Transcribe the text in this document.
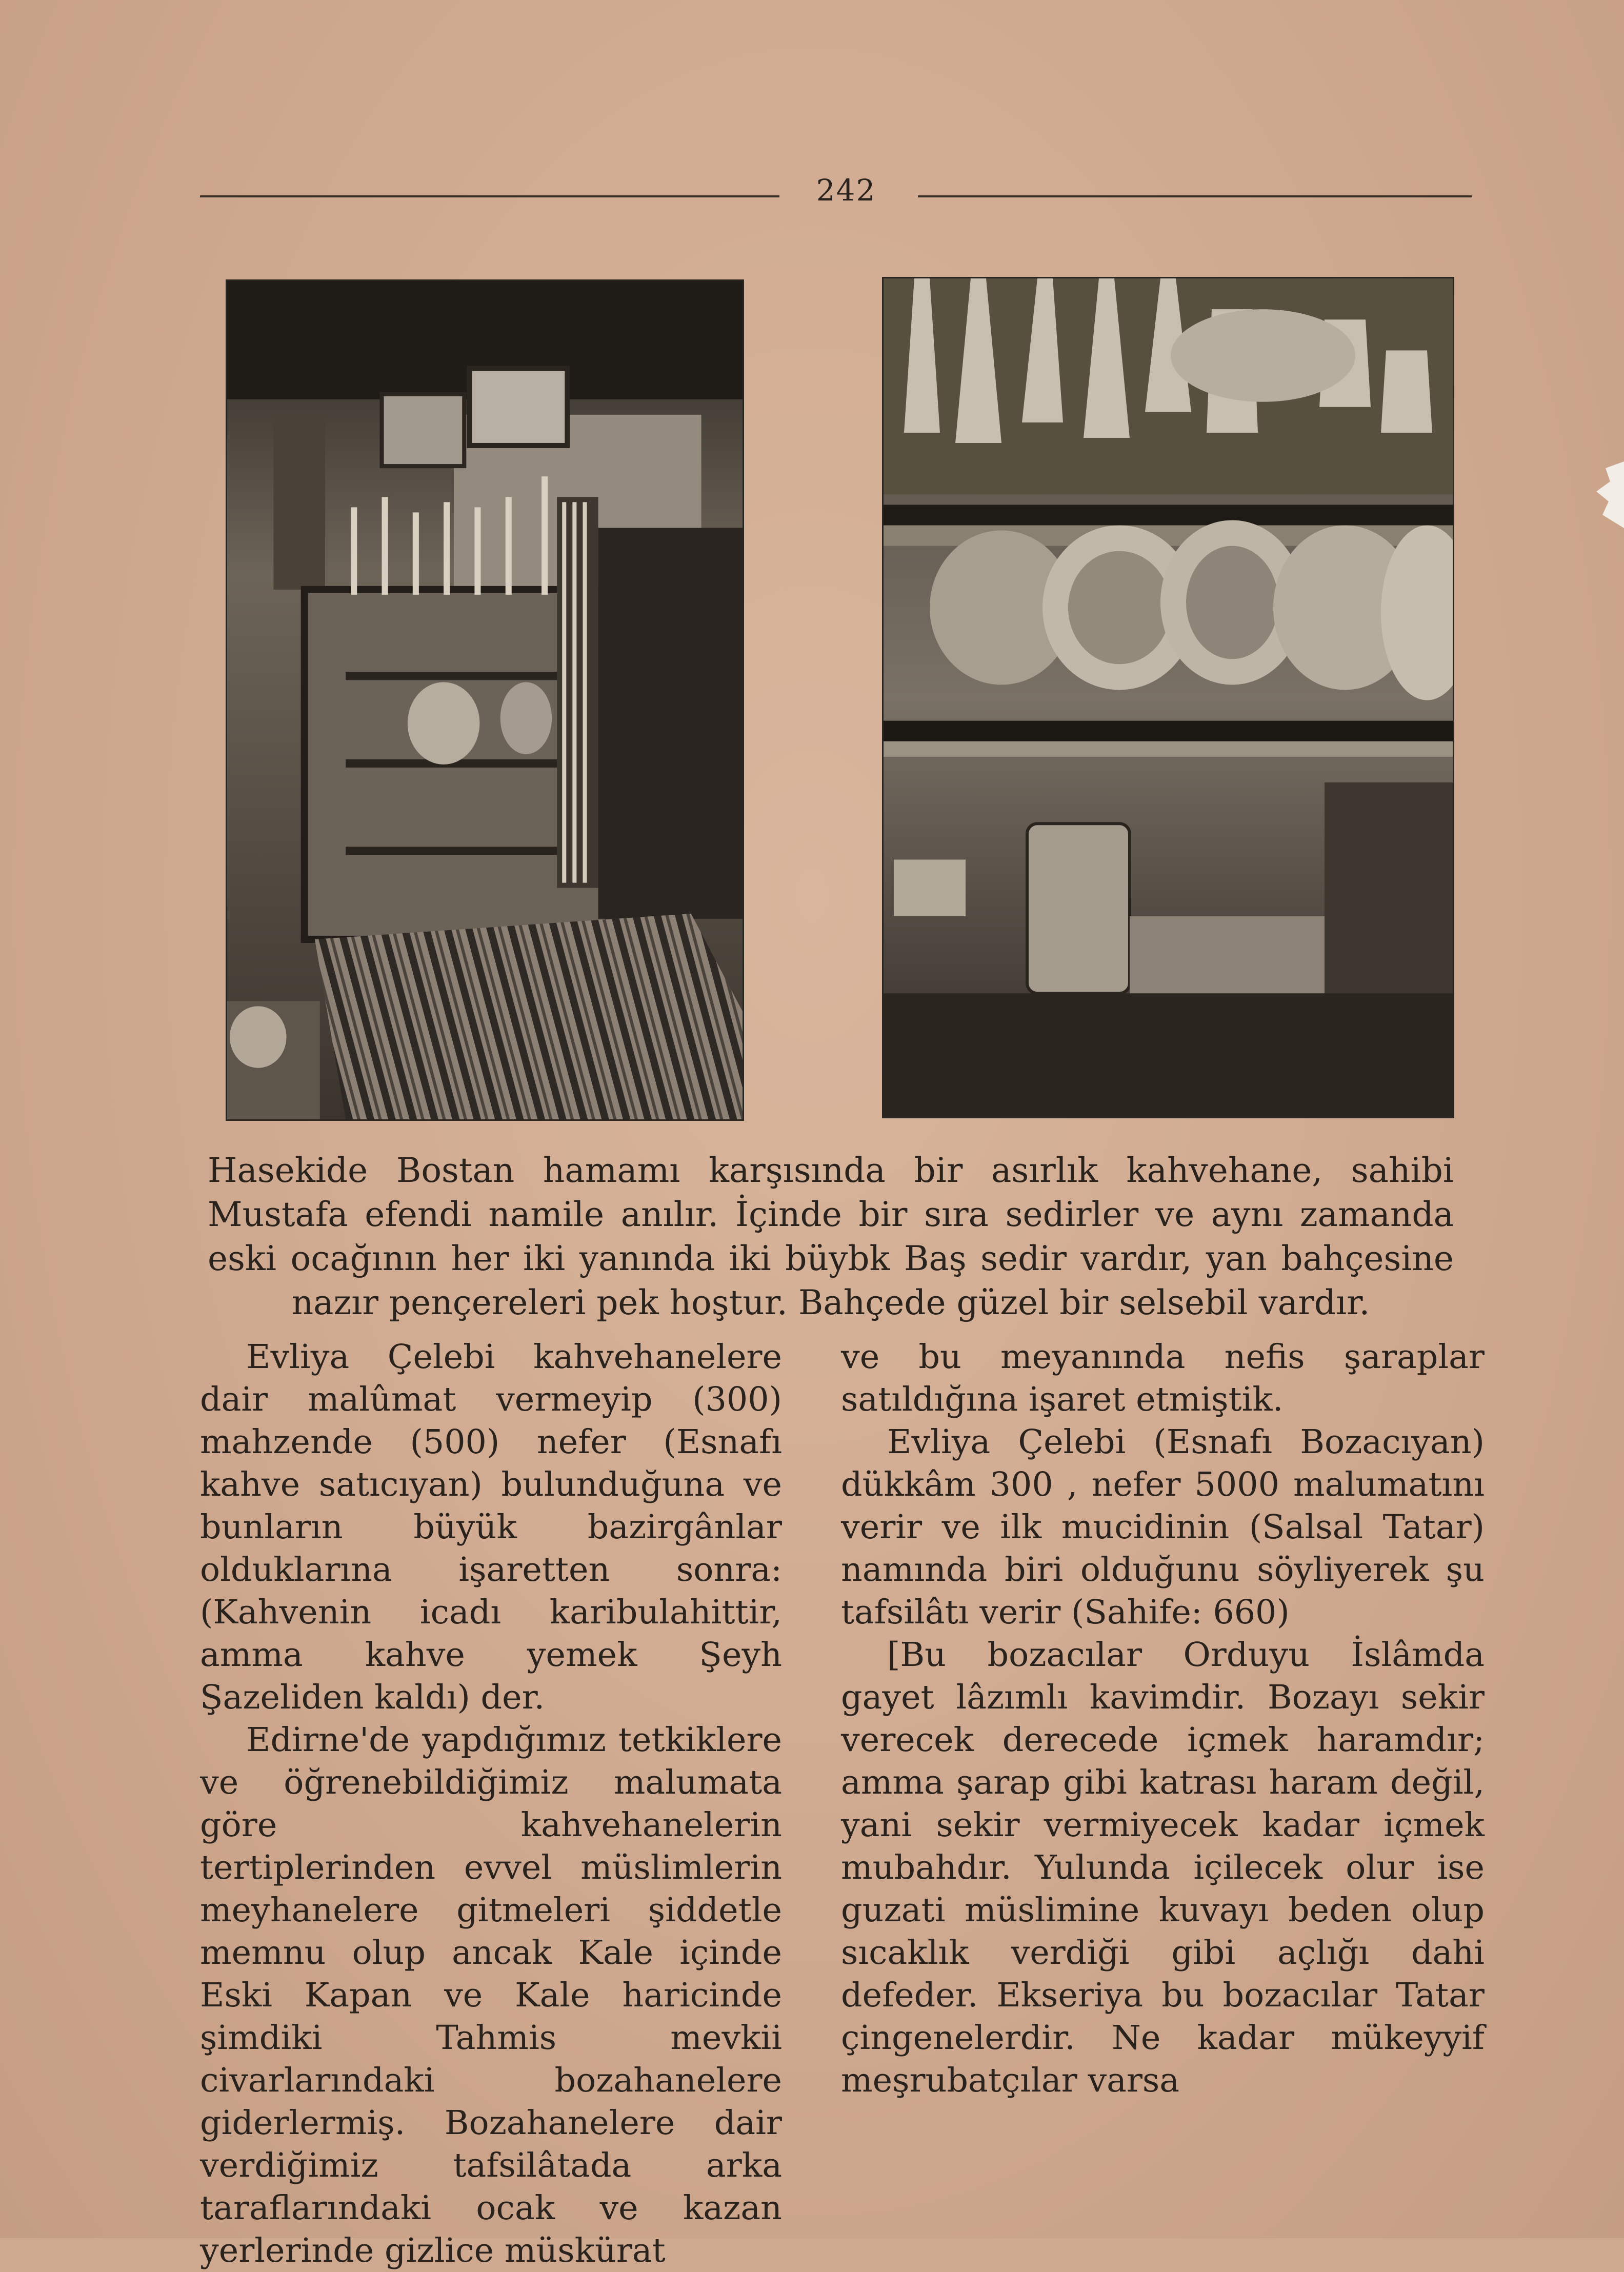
242
Hasekide Bostan hamamı karşısında bir asırlık kahvehane, sahibi Mustafa efendi namile anılır. İçinde bir sıra sedirler ve aynı zamanda eski ocağının her iki yanında iki büybk Baş sedir vardır, yan bahçesine nazır pençereleri pek hoştur. Bahçede güzel bir selsebil vardır.

Evliya Çelebi kahvehanelere dair malûmat vermeyip (300) mahzende (500) nefer (Esnafı kahve satıcıyan) bulunduğuna ve bunların büyük bazirgânlar olduklarına işaretten sonra: (Kahvenin icadı karibulahittir, amma kahve yemek Şeyh Şazeliden kaldı) der.

Edirne'de yapdığımız tetkiklere ve öğrenebildiğimiz malumata göre kahvehanelerin tertiplerinden evvel müslimlerin meyhanelere gitmeleri şiddetle memnu olup ancak Kale içinde Eski Kapan ve Kale haricinde şimdiki Tahmis mevkii civarlarındaki bozahanelere giderlermiş. Bozahanelere dair verdiğimiz tafsilâtada arka taraflarındaki ocak ve kazan yerlerinde gizlice müskürat

ve bu meyanında nefis şaraplar satıldığına işaret etmiştik.

Evliya Çelebi (Esnafı Bozacıyan) dükkâm 300 , nefer 5000 malumatını verir ve ilk mucidinin (Salsal Tatar) namında biri olduğunu söyliyerek şu tafsilâtı verir (Sahife: 660)

[Bu bozacılar Orduyu İslâmda gayet lâzımlı kavimdir. Bozayı sekir verecek derecede içmek haramdır; amma şarap gibi katrası haram değil, yani sekir vermiyecek kadar içmek mubahdır. Yulunda içilecek olur ise guzati müslimine kuvayı beden olup sıcaklık verdiği gibi açlığı dahi defeder. Ekseriya bu bozacılar Tatar çingenelerdir. Ne kadar mükeyyif meşrubatçılar varsa
